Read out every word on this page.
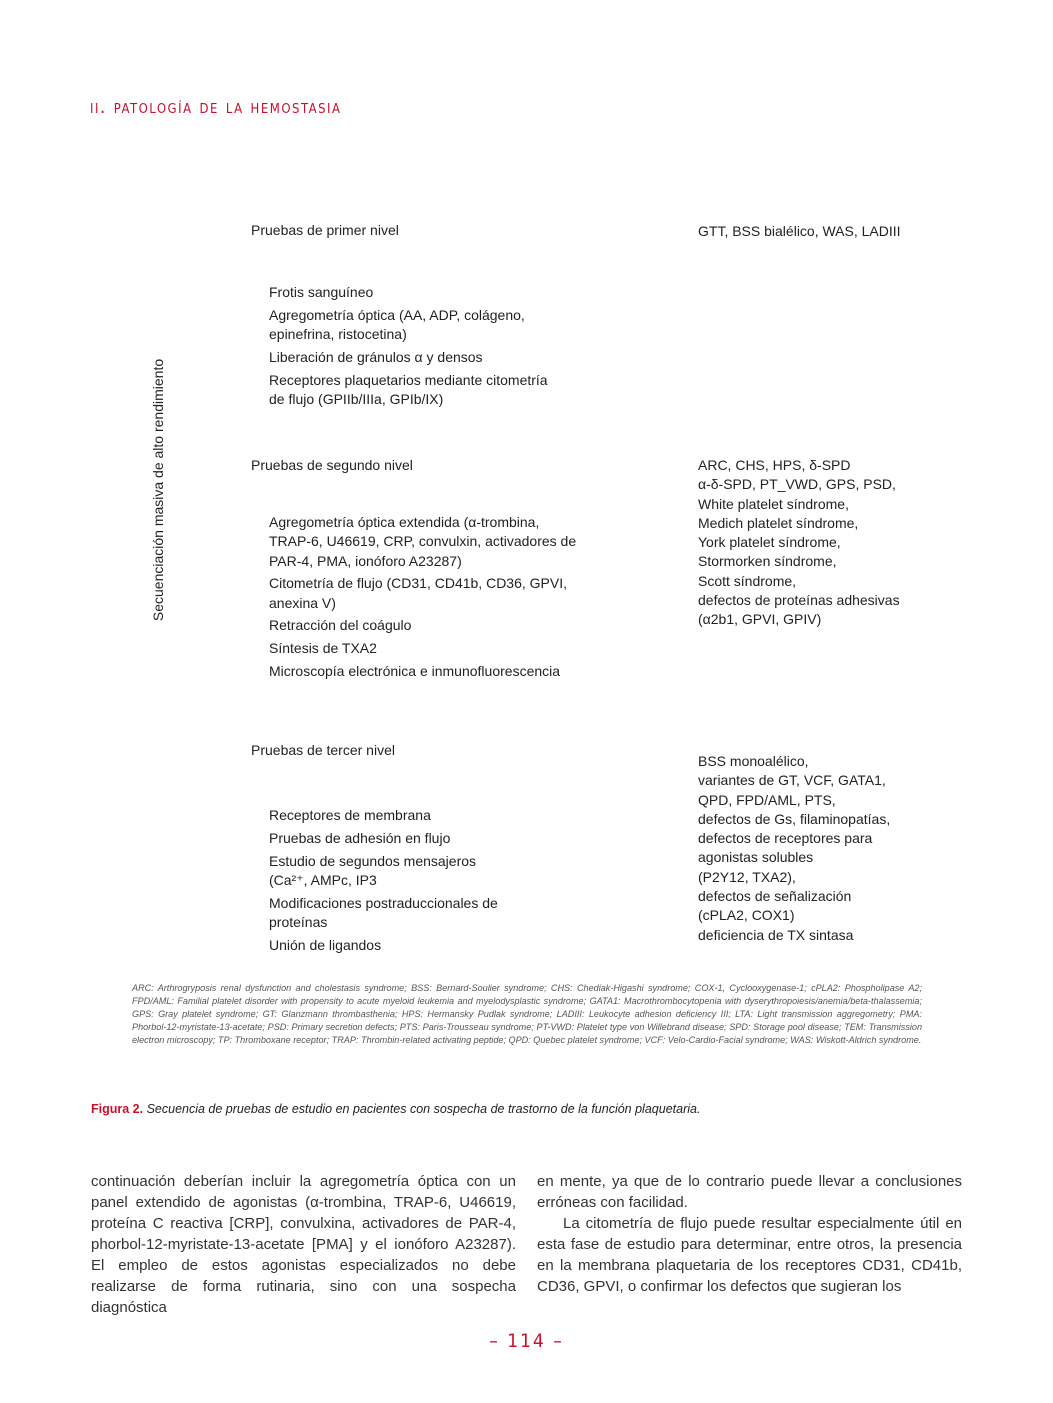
ii. patología de la hemostasia
Secuenciación masiva de alto rendimiento
Pruebas de primer nivel	GTT, BSS bialélico, WAS, LADIII
Frotis sanguíneo
Agregometría óptica (AA, ADP, colágeno, epinefrina, ristocetina)
Liberación de gránulos α y densos
Receptores plaquetarios mediante citometría de flujo (GPIIb/IIIa, GPIb/IX)
Pruebas de segundo nivel	ARC, CHS, HPS, δ-SPD
α-δ-SPD, PT_VWD, GPS, PSD,
White platelet síndrome,
Medich platelet síndrome,
York platelet síndrome,
Stormorken síndrome,
Scott síndrome,
defectos de proteínas adhesivas
(α2b1, GPVI, GPIV)
Agregometría óptica extendida (α-trombina, TRAP-6, U46619, CRP, convulxin, activadores de PAR-4, PMA, ionóforo A23287)
Citometría de flujo (CD31, CD41b, CD36, GPVI, anexina V)
Retracción del coágulo
Síntesis de TXA2
Microscopía electrónica e inmunofluorescencia
Pruebas de tercer nivel
BSS monoalélico,
variantes de GT, VCF, GATA1,
QPD, FPD/AML, PTS,
defectos de Gs, filaminopatías,
defectos de receptores para
agonistas solubles
(P2Y12, TXA2),
defectos de señalización
(cPLA2, COX1)
deficiencia de TX sintasa
Receptores de membrana
Pruebas de adhesión en flujo
Estudio de segundos mensajeros (Ca²⁺, AMPc, IP3
Modificaciones postraduccionales de proteínas
Unión de ligandos
ARC: Arthrogryposis renal dysfunction and cholestasis syndrome; BSS: Bernard-Soulier syndrome; CHS: Chediak-Higashi syndrome; COX-1, Cyclooxygenase-1; cPLA2: Phospholipase A2; FPD/AML: Familial platelet disorder with propensity to acute myeloid leukemia and myelodysplastic syndrome; GATA1: Macrothrombocytopenia with dyserythropoiesis/anemia/beta-thalassemia; GPS: Gray platelet syndrome; GT: Glanzmann thrombasthenia; HPS: Hermansky Pudlak syndrome; LADIII: Leukocyte adhesion deficiency III; LTA: Light transmission aggregometry; PMA: Phorbol-12-myristate-13-acetate; PSD: Primary secretion defects; PTS: Paris-Trousseau syndrome; PT-VWD: Platelet type von Willebrand disease; SPD: Storage pool disease; TEM: Transmission electron microscopy; TP: Thromboxane receptor; TRAP: Thrombin-related activating peptide; QPD: Quebec platelet syndrome; VCF: Velo-Cardio-Facial syndrome; WAS: Wiskott-Aldrich syndrome.
Figura 2. Secuencia de pruebas de estudio en pacientes con sospecha de trastorno de la función plaquetaria.

continuación deberían incluir la agregometría óptica con un panel extendido de agonistas (α-trombina, TRAP-6, U46619, proteína C reactiva [CRP], convulxina, activadores de PAR-4, phorbol-12-myristate-13-acetate [PMA] y el ionóforo A23287). El empleo de estos agonistas especializados no debe realizarse de forma rutinaria, sino con una sospecha diagnóstica

en mente, ya que de lo contrario puede llevar a conclusiones erróneas con facilidad.

La citometría de flujo puede resultar especialmente útil en esta fase de estudio para determinar, entre otros, la presencia en la membrana plaquetaria de los receptores CD31, CD41b, CD36, GPVI, o confirmar los defectos que sugieran los

– 114 –
